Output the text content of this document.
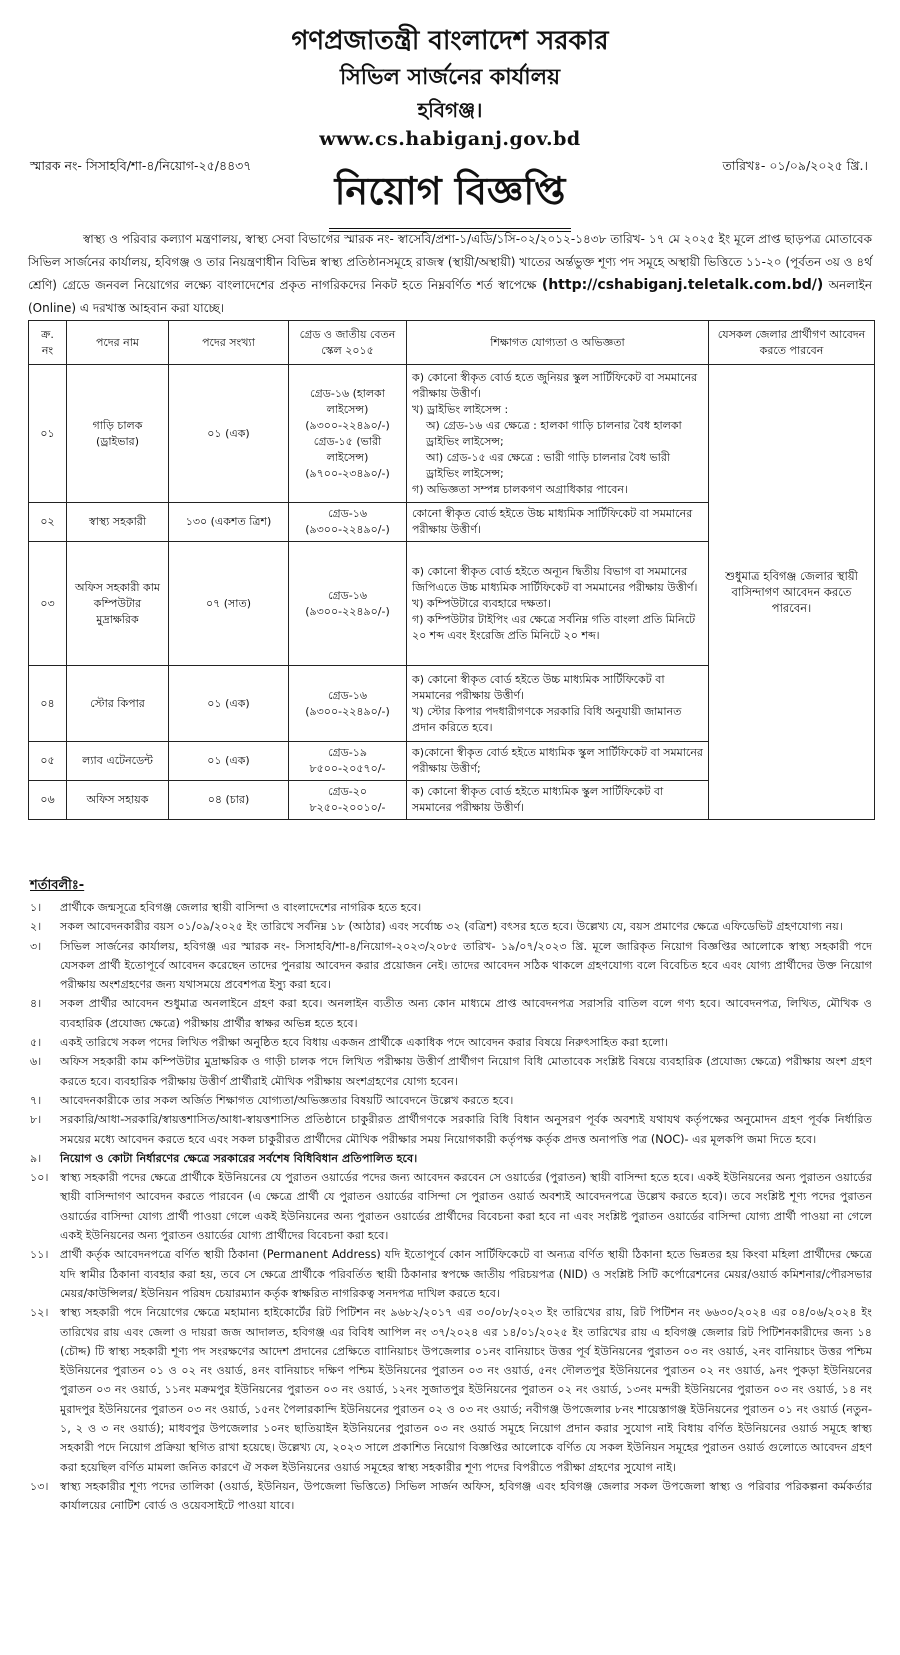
গণপ্রজাতন্ত্রী বাংলাদেশ সরকার
সিভিল সার্জনের কার্যালয়
হবিগঞ্জ।
www.cs.habiganj.gov.bd
স্মারক নং- সিসাহবি/শা-৪/নিয়োগ-২৫/৪৪৩৭	তারিখঃ- ০১/০৯/২০২৫ খ্রি.।
নিয়োগ বিজ্ঞপ্তি
স্বাস্থ্য ও পরিবার কল্যাণ মন্ত্রণালয়, স্বাস্থ্য সেবা বিভাগের স্মারক নং- স্বাসেবি/প্রশা-১/এডি/১সি-০২/২০১২-১৪৩৮ তারিখ- ১৭ মে ২০২৫ ইং মূলে প্রাপ্ত ছাড়পত্র মোতাবেক সিভিল সার্জনের কার্যালয়, হবিগঞ্জ ও তার নিয়ন্ত্রণাধীন বিভিন্ন স্বাস্থ্য প্রতিষ্ঠানসমূহে রাজস্ব (স্থায়ী/অস্থায়ী) খাতের অর্ন্তভুক্ত শূণ্য পদ সমূহে অস্থায়ী ভিত্তিতে ১১-২০ (পূর্বতন ৩য় ও ৪র্থ শ্রেণি) গ্রেডে জনবল নিয়োগের লক্ষ্যে বাংলাদেশের প্রকৃত নাগরিকদের নিকট হতে নিম্নবর্ণিত শর্ত স্বাপেক্ষে (http://cshabiganj.teletalk.com.bd/) অনলাইন (Online) এ দরখাস্ত আহবান করা যাচ্ছে।
ক্র. নং	পদের নাম	পদের সংখ্যা	গ্রেড ও জাতীয় বেতন স্কেল ২০১৫	শিক্ষাগত যোগ্যতা ও অভিজ্ঞতা	যেসকল জেলার প্রার্থীগণ আবেদন করতে পারবেন
০১	গাড়ি চালক (ড্রাইভার)	০১ (এক)	গ্রেড-১৬ (হালকা লাইসেন্স) (৯৩০০-২২৪৯০/-) গ্রেড-১৫ (ভারী লাইসেন্স) (৯৭০০-২৩৪৯০/-)	ক) কোনো স্বীকৃত বোর্ড হতে জুনিয়র স্কুল সার্টিফিকেট বা সমমানের পরীক্ষায় উত্তীর্ণ।
খ) ড্রাইভিং লাইসেন্স :
অ) গ্রেড-১৬ এর ক্ষেত্রে : হালকা গাড়ি চালনার বৈধ হালকা ড্রাইভিং লাইসেন্স;
আ) গ্রেড-১৫ এর ক্ষেত্রে : ভারী গাড়ি চালনার বৈধ ভারী ড্রাইভিং লাইসেন্স;
গ) অভিজ্ঞতা সম্পন্ন চালকগণ অগ্রাধিকার পাবেন।	শুধুমাত্র হবিগঞ্জ জেলার স্থায়ী বাসিন্দাগণ আবেদন করতে পারবেন।
০২	স্বাস্থ্য সহকারী	১৩০ (একশত ত্রিশ)	গ্রেড-১৬ (৯৩০০-২২৪৯০/-)	কোনো স্বীকৃত বোর্ড হইতে উচ্চ মাধ্যমিক সার্টিফিকেট বা সমমানের পরীক্ষায় উত্তীর্ণ।	

০৩	অফিস সহকারী কাম কম্পিউটার মুদ্রাক্ষরিক	০৭ (সাত)	গ্রেড-১৬ (৯৩০০-২২৪৯০/-)	ক) কোনো স্বীকৃত বোর্ড হইতে অন্যূন দ্বিতীয় বিভাগ বা সমমানের জিপিএতে উচ্চ মাধ্যমিক সার্টিফিকেট বা সমমানের পরীক্ষায় উত্তীর্ণ।
খ) কম্পিউটারে ব্যবহারে দক্ষতা।
গ) কম্পিউটার টাইপিং এর ক্ষেত্রে সর্বনিম্ন গতি বাংলা প্রতি মিনিটে ২০ শব্দ এবং ইংরেজি প্রতি মিনিটে ২০ শব্দ।	

০৪	স্টোর কিপার	০১ (এক)	গ্রেড-১৬ (৯৩০০-২২৪৯০/-)	ক) কোনো স্বীকৃত বোর্ড হইতে উচ্চ মাধ্যমিক সার্টিফিকেট বা সমমানের পরীক্ষায় উত্তীর্ণ।
খ) স্টোর কিপার পদধারীগণকে সরকারি বিধি অনুযায়ী জামানত প্রদান করিতে হবে।	

০৫	ল্যাব এটেনডেন্ট	০১ (এক)	গ্রেড-১৯ ৮৫০০-২০৫৭০/-	ক)কোনো স্বীকৃত বোর্ড হইতে মাধ্যমিক স্কুল সার্টিফিকেট বা সমমানের পরীক্ষায় উত্তীর্ণ;	

০৬	অফিস সহায়ক	০৪ (চার)	গ্রেড-২০ ৮২৫০-২০০১০/-	ক) কোনো স্বীকৃত বোর্ড হইতে মাধ্যমিক স্কুল সার্টিফিকেট বা সমমানের পরীক্ষায় উত্তীর্ণ।	
শর্তাবলীঃ-
১।	প্রার্থীকে জন্মসূত্রে হবিগঞ্জ জেলার স্থায়ী বাসিন্দা ও বাংলাদেশের নাগরিক হতে হবে।
২।	সকল আবেদনকারীর বয়স ০১/০৯/২০২৫ ইং তারিখে সর্বনিম্ন ১৮ (আঠার) এবং সর্বোচ্চ ৩২ (বত্রিশ) বৎসর হতে হবে। উল্লেখ্য যে, বয়স প্রমাণের ক্ষেত্রে এফিডেভিট গ্রহণযোগ্য নয়।
৩।	সিভিল সার্জনের কার্যালয়, হবিগঞ্জ এর স্মারক নং- সিসাহবি/শা-৪/নিয়োগ-২০২৩/২০৮৫ তারিখ- ১৯/০৭/২০২৩ খ্রি. মূলে জারিকৃত নিয়োগ বিজ্ঞপ্তির আলোকে স্বাস্থ্য সহকারী পদে যেসকল প্রার্থী ইতোপূর্বে আবেদন করেছেন তাদের পুনরায় আবেদন করার প্রয়োজন নেই। তাদের আবেদন সঠিক থাকলে গ্রহণযোগ্য বলে বিবেচিত হবে এবং যোগ্য প্রার্থীদের উক্ত নিয়োগ পরীক্ষায় অংশগ্রহণের জন্য যথাসময়ে প্রবেশপত্র ইস্যু করা হবে।
৪।	সকল প্রার্থীর আবেদন শুধুমাত্র অনলাইনে গ্রহণ করা হবে। অনলাইন ব্যতীত অন্য কোন মাধ্যমে প্রাপ্ত আবেদনপত্র সরাসরি বাতিল বলে গণ্য হবে। আবেদনপত্র, লিখিত, মৌখিক ও ব্যবহারিক (প্রযোজ্য ক্ষেত্রে) পরীক্ষায় প্রার্থীর স্বাক্ষর অভিন্ন হতে হবে।
৫।	একই তারিখে সকল পদের লিখিত পরীক্ষা অনুষ্ঠিত হবে বিধায় একজন প্রার্থীকে একাধিক পদে আবেদন করার বিষয়ে নিরুৎসাহিত করা হলো।
৬।	অফিস সহকারী কাম কম্পিউটার মুদ্রাক্ষরিক ও গাড়ী চালক পদে লিখিত পরীক্ষায় উত্তীর্ণ প্রার্থীগণ নিয়োগ বিধি মোতাবেক সংশ্লিষ্ট বিষয়ে ব্যবহারিক (প্রযোজ্য ক্ষেত্রে) পরীক্ষায় অংশ গ্রহণ করতে হবে। ব্যবহারিক পরীক্ষায় উত্তীর্ণ প্রার্থীরাই মৌখিক পরীক্ষায় অংশগ্রহণের যোগ্য হবেন।
৭।	আবেদনকারীকে তার সকল অর্জিত শিক্ষাগত যোগ্যতা/অভিজ্ঞতার বিষয়টি আবেদনে উল্লেখ করতে হবে।
৮।	সরকারি/আধা-সরকারি/স্বায়ত্তশাসিত/আধা-স্বায়ত্তশাসিত প্রতিষ্ঠানে চাকুরীরত প্রার্থীগণকে সরকারি বিধি বিধান অনুসরণ পূর্বক অবশ্যই যথাযথ কর্তৃপক্ষের অনুমোদন গ্রহণ পূর্বক নির্ধারিত সময়ের মধ্যে আবেদন করতে হবে এবং সকল চাকুরীরত প্রার্থীদের মৌখিক পরীক্ষার সময় নিয়োগকারী কর্তৃপক্ষ কর্তৃক প্রদত্ত অনাপত্তি পত্র (NOC)- এর মূলকপি জমা দিতে হবে।
৯।	নিয়োগ ও কোটা নির্ধারণের ক্ষেত্রে সরকারের সর্বশেষ বিধিবিধান প্রতিপালিত হবে।
১০।	স্বাস্থ্য সহকারী পদের ক্ষেত্রে প্রার্থীকে ইউনিয়নের যে পুরাতন ওয়ার্ডের পদের জন্য আবেদন করবেন সে ওয়ার্ডের (পুরাতন) স্থায়ী বাসিন্দা হতে হবে। একই ইউনিয়নের অন্য পুরাতন ওয়ার্ডের স্থায়ী বাসিন্দাগণ আবেদন করতে পারবেন (এ ক্ষেত্রে প্রার্থী যে পুরাতন ওয়ার্ডের বাসিন্দা সে পুরাতন ওয়ার্ড অবশ্যই আবেদনপত্রে উল্লেখ করতে হবে)। তবে সংশ্লিষ্ট শূণ্য পদের পুরাতন ওয়ার্ডের বাসিন্দা যোগ্য প্রার্থী পাওয়া গেলে একই ইউনিয়নের অন্য পুরাতন ওয়ার্ডের প্রার্থীদের বিবেচনা করা হবে না এবং সংশ্লিষ্ট পুরাতন ওয়ার্ডের বাসিন্দা যোগ্য প্রার্থী পাওয়া না গেলে একই ইউনিয়নের অন্য পুরাতন ওয়ার্ডের যোগ্য প্রার্থীদের বিবেচনা করা হবে।
১১।	প্রার্থী কর্তৃক আবেদনপত্রে বর্ণিত স্থায়ী ঠিকানা (Permanent Address) যদি ইতোপূর্বে কোন সার্টিফিকেটে বা অন্যত্র বর্ণিত স্থায়ী ঠিকানা হতে ভিন্নতর হয় কিংবা মহিলা প্রার্থীদের ক্ষেত্রে যদি স্বামীর ঠিকানা ব্যবহার করা হয়, তবে সে ক্ষেত্রে প্রার্থীকে পরিবর্তিত স্থায়ী ঠিকানার স্বপক্ষে জাতীয় পরিচয়পত্র (NID) ও সংশ্লিষ্ট সিটি কর্পোরেশনের মেয়র/ওয়ার্ড কমিশনার/পৌরসভার মেয়র/কাউন্সিলর/ ইউনিয়ন পরিষদ চেয়ারম্যান কর্তৃক স্বাক্ষরিত নাগরিকত্ব সনদপত্র দাখিল করতে হবে।
১২।	স্বাস্থ্য সহকারী পদে নিয়োগের ক্ষেত্রে মহামান্য হাইকোর্টের রিট পিটিশন নং ৯৬৮২/২০১৭ এর ৩০/০৮/২০২৩ ইং তারিখের রায়, রিট পিটিশন নং ৬৬৩০/২০২৪ এর ০৪/০৬/২০২৪ ইং তারিখের রায় এবং জেলা ও দায়রা জজ আদালত, হবিগঞ্জ এর বিবিধ আপিল নং ৩৭/২০২৪ এর ১৪/০১/২০২৫ ইং তারিখের রায় এ হবিগঞ্জ জেলার রিট পিটিশনকারীদের জন্য ১৪ (চৌদ্দ) টি স্বাস্থ্য সহকারী শূণ্য পদ সংরক্ষণের আদেশ প্রদানের প্রেক্ষিতে বাানিয়াচং উপজেলার ০১নং বানিয়াচং উত্তর পূর্ব ইউনিয়নের পুরাতন ০৩ নং ওয়ার্ড, ২নং বানিয়াচং উত্তর পশ্চিম ইউনিয়নের পুরাতন ০১ ও ০২ নং ওয়ার্ড, ৪নং বানিয়াচং দক্ষিণ পশ্চিম ইউনিয়নের পুরাতন ০৩ নং ওয়ার্ড, ৫নং দৌলতপুর ইউনিয়নের পুরাতন ০২ নং ওয়ার্ড, ৯নং পুকড়া ইউনিয়নের পুরাতন ০৩ নং ওয়ার্ড, ১১নং মক্রমপুর ইউনিয়নের পুরাতন ০৩ নং ওয়ার্ড, ১২নং সুজাতপুর ইউনিয়নের পুরাতন ০২ নং ওয়ার্ড, ১৩নং মন্দরী ইউনিয়নের পুরাতন ০৩ নং ওয়ার্ড, ১৪ নং মুরাদপুর ইউনিয়নের পুরাতন ০৩ নং ওয়ার্ড, ১৫নং পৈলারকান্দি ইউনিয়নের পুরাতন ০২ ও ০৩ নং ওয়ার্ড; নবীগঞ্জ উপজেলার ৮নং শায়েস্তাগঞ্জ ইউনিয়নের পুরাতন ০১ নং ওয়ার্ড (নতুন- ১, ২ ও ৩ নং ওয়ার্ড); মাধবপুর উপজেলার ১০নং ছাতিয়াইন ইউনিয়নের পুরাতন ০৩ নং ওয়ার্ড সমূহে নিয়োগ প্রদান করার সুযোগ নাই বিধায় বর্ণিত ইউনিয়নের ওয়ার্ড সমূহে স্বাস্থ্য সহকারী পদে নিয়োগ প্রক্রিয়া স্থগিত রাখা হয়েছে। উল্লেখ্য যে, ২০২৩ সালে প্রকাশিত নিয়োগ বিজ্ঞপ্তির আলোকে বর্ণিত যে সকল ইউনিয়ন সমূহের পুরাতন ওয়ার্ড গুলোতে আবেদন গ্রহণ করা হয়েছিল বর্ণিত মামলা জনিত কারণে ঐ সকল ইউনিয়নের ওয়ার্ড সমূহের স্বাস্থ্য সহকারীর শূণ্য পদের বিপরীতে পরীক্ষা গ্রহণের সুযোগ নাই।
১৩।	স্বাস্থ্য সহকারীর শূণ্য পদের তালিকা (ওয়ার্ড, ইউনিয়ন, উপজেলা ভিত্তিতে) সিভিল সার্জন অফিস, হবিগঞ্জ এবং হবিগঞ্জ জেলার সকল উপজেলা স্বাস্থ্য ও পরিবার পরিকল্পনা কর্মকর্তার কার্যালয়ের নোটিশ বোর্ড ও ওয়েবসাইটে পাওয়া যাবে।
